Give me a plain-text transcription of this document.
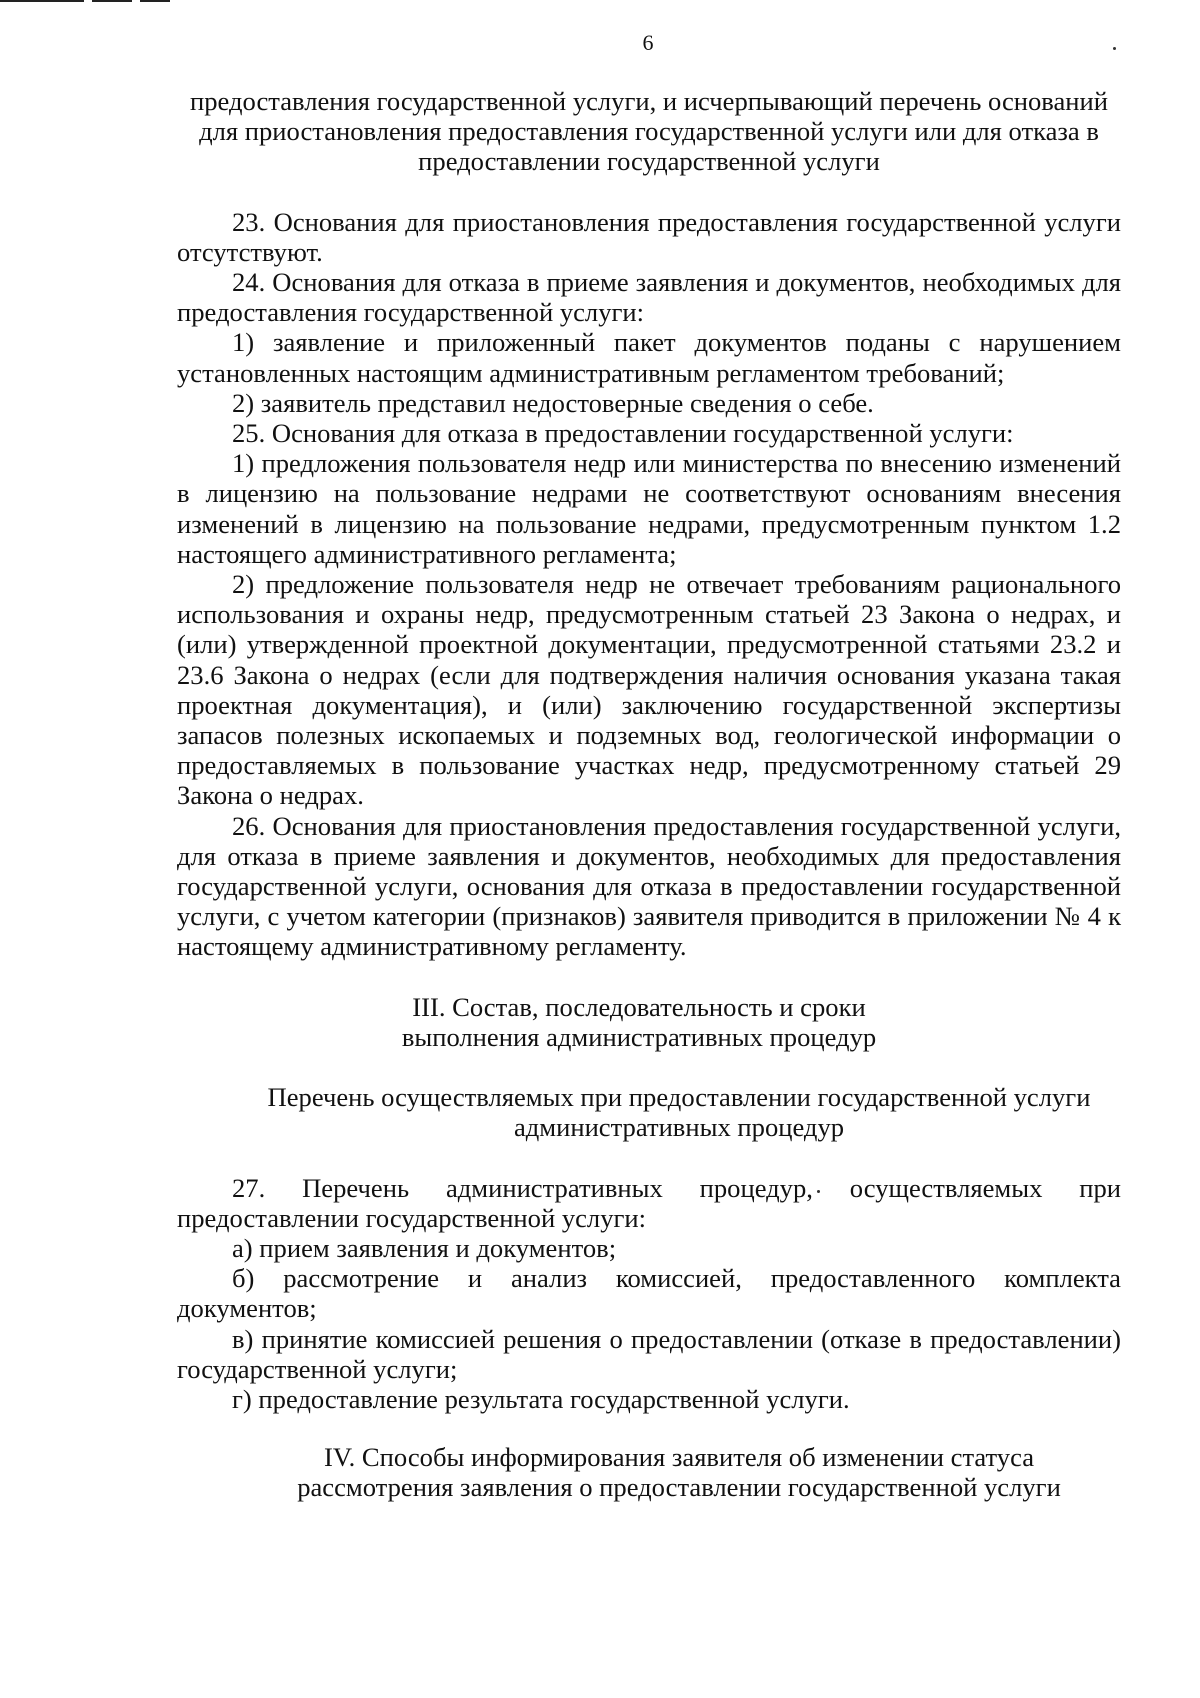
6

предоставления государственной услуги, и исчерпывающий перечень оснований для приостановления предоставления государственной услуги или для отказа в предоставлении государственной услуги

23. Основания для приостановления предоставления государственной услуги отсутствуют.

24. Основания для отказа в приеме заявления и документов, необходимых для предоставления государственной услуги:

1) заявление и приложенный пакет документов поданы с нарушением установленных настоящим административным регламентом требований;

2) заявитель представил недостоверные сведения о себе.

25. Основания для отказа в предоставлении государственной услуги:

1) предложения пользователя недр или министерства по внесению изменений в лицензию на пользование недрами не соответствуют основаниям внесения изменений в лицензию на пользование недрами, предусмотренным пунктом 1.2 настоящего административного регламента;

2) предложение пользователя недр не отвечает требованиям рационального использования и охраны недр, предусмотренным статьей 23 Закона о недрах, и (или) утвержденной проектной документации, предусмотренной статьями 23.2 и 23.6 Закона о недрах (если для подтверждения наличия основания указана такая проектная документация), и (или) заключению государственной экспертизы запасов полезных ископаемых и подземных вод, геологической информации о предоставляемых в пользование участках недр, предусмотренному статьей 29 Закона о недрах.

26. Основания для приостановления предоставления государственной услуги, для отказа в приеме заявления и документов, необходимых для предоставления государственной услуги, основания для отказа в предоставлении государственной услуги, с учетом категории (признаков) заявителя приводится в приложении № 4 к настоящему административному регламенту.

III. Состав, последовательность и сроки выполнения административных процедур

Перечень осуществляемых при предоставлении государственной услуги административных процедур

27. Перечень административных процедур, осуществляемых при предоставлении государственной услуги:

а) прием заявления и документов;

б) рассмотрение и анализ комиссией, предоставленного комплекта документов;

в) принятие комиссией решения о предоставлении (отказе в предоставлении) государственной услуги;

г) предоставление результата государственной услуги.

IV. Способы информирования заявителя об изменении статуса рассмотрения заявления о предоставлении государственной услуги
